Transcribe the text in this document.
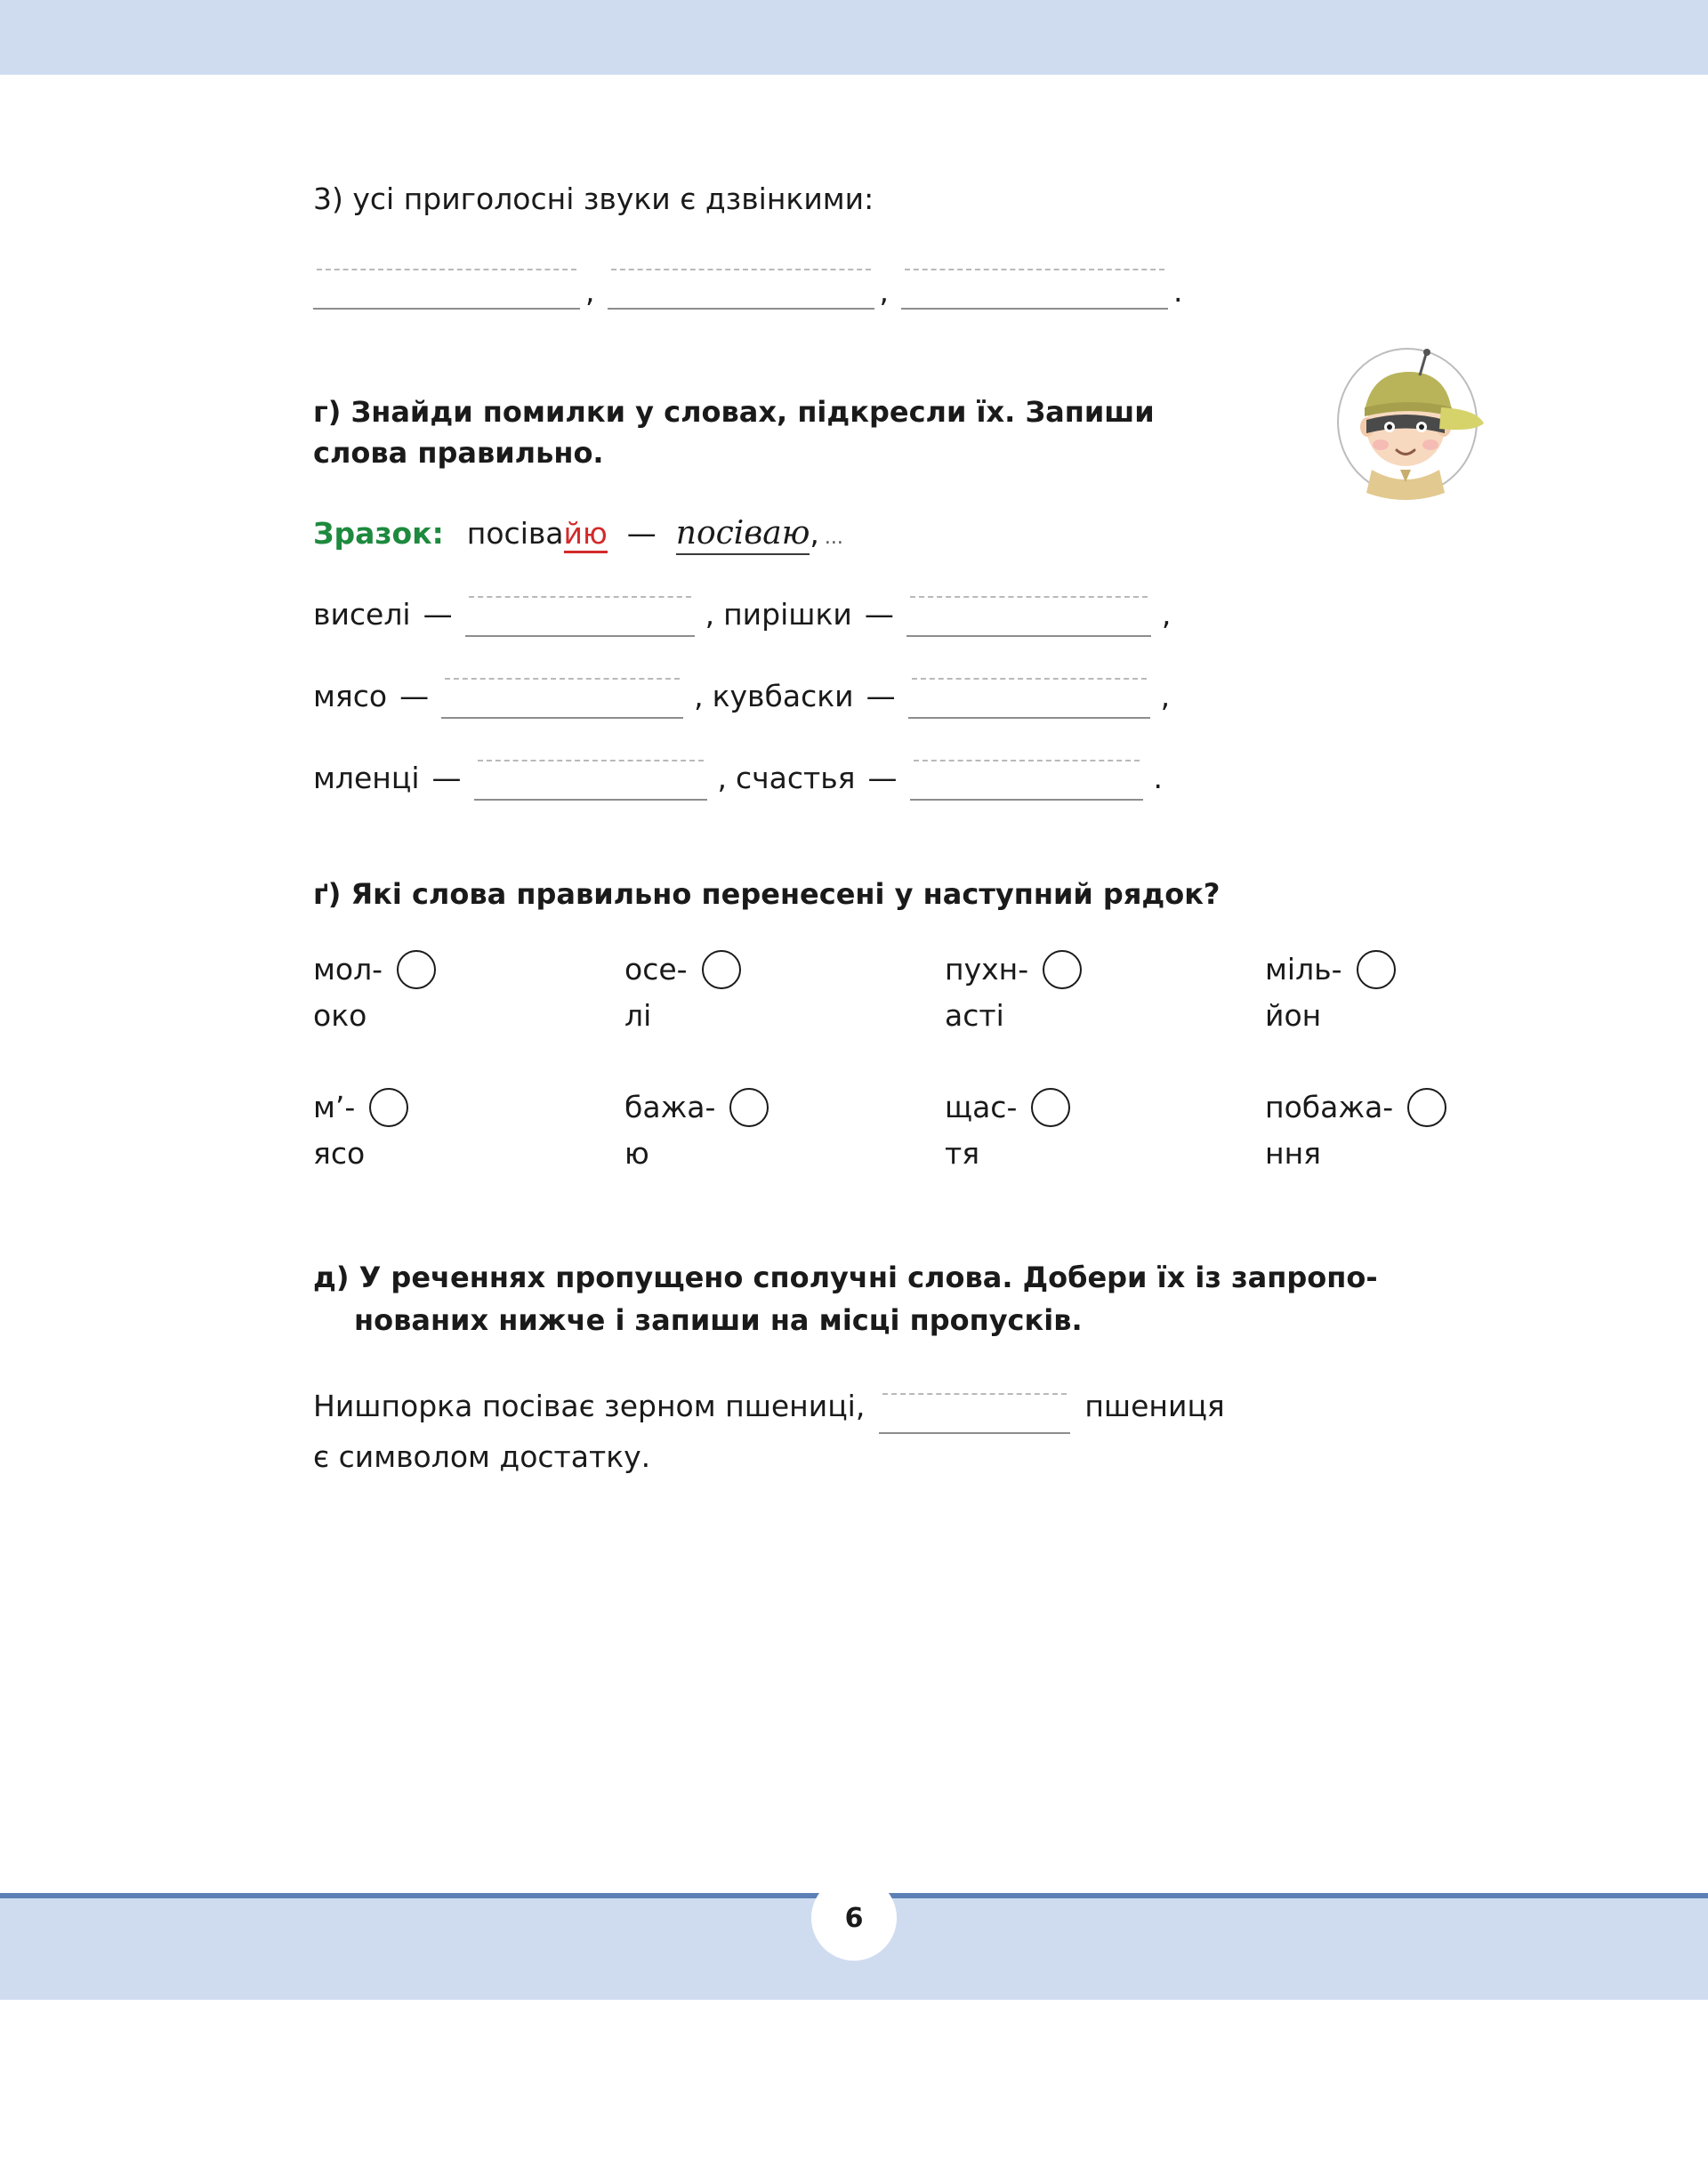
3) усі приголосні звуки є дзвінкими:
,	,	.
г) Знайди помилки у словах, підкресли їх. Запиши слова правильно.
Зразок: посіва йю — посіваю , ...
виселі —	, пирішки —	,
мясо —	, кувбаски —	,
мленці —	, счастья —	.
ґ) Які слова правильно перенесені у наступний рядок?
мол-
око
осе-
лі
пухн-
асті
міль-
йон
м’-
ясо
бажа-
ю
щас-
тя
побажа-
ння
д) У реченнях пропущено сполучні слова. Добери їх із запропо-
нованих нижче і запиши на місці пропусків.
Нишпорка посіває зерном пшениці,	пшениця
є символом достатку.
6
